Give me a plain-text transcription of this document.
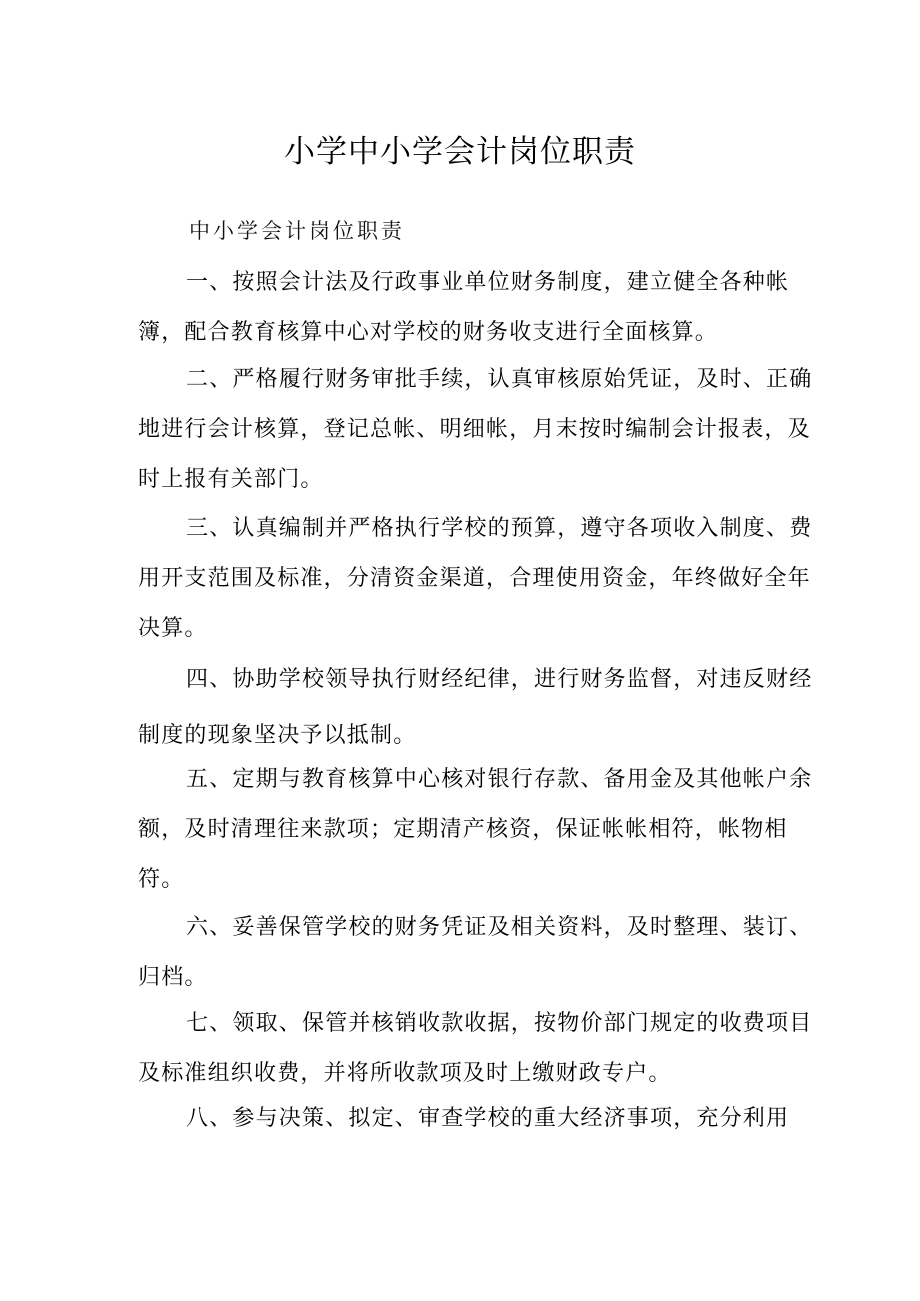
小学中小学会计岗位职责
中小学会计岗位职责

一、按照会计法及行政事业单位财务制度，建立健全各种帐簿，配合教育核算中心对学校的财务收支进行全面核算。

二、严格履行财务审批手续，认真审核原始凭证，及时、正确地进行会计核算，登记总帐、明细帐，月末按时编制会计报表，及时上报有关部门。

三、认真编制并严格执行学校的预算，遵守各项收入制度、费用开支范围及标准，分清资金渠道，合理使用资金，年终做好全年决算。

四、协助学校领导执行财经纪律，进行财务监督，对违反财经制度的现象坚决予以抵制。

五、定期与教育核算中心核对银行存款、备用金及其他帐户余额，及时清理往来款项；定期清产核资，保证帐帐相符，帐物相符。

六、妥善保管学校的财务凭证及相关资料，及时整理、装订、归档。

七、领取、保管并核销收款收据，按物价部门规定的收费项目及标准组织收费，并将所收款项及时上缴财政专户。

八、参与决策、拟定、审查学校的重大经济事项，充分利用
